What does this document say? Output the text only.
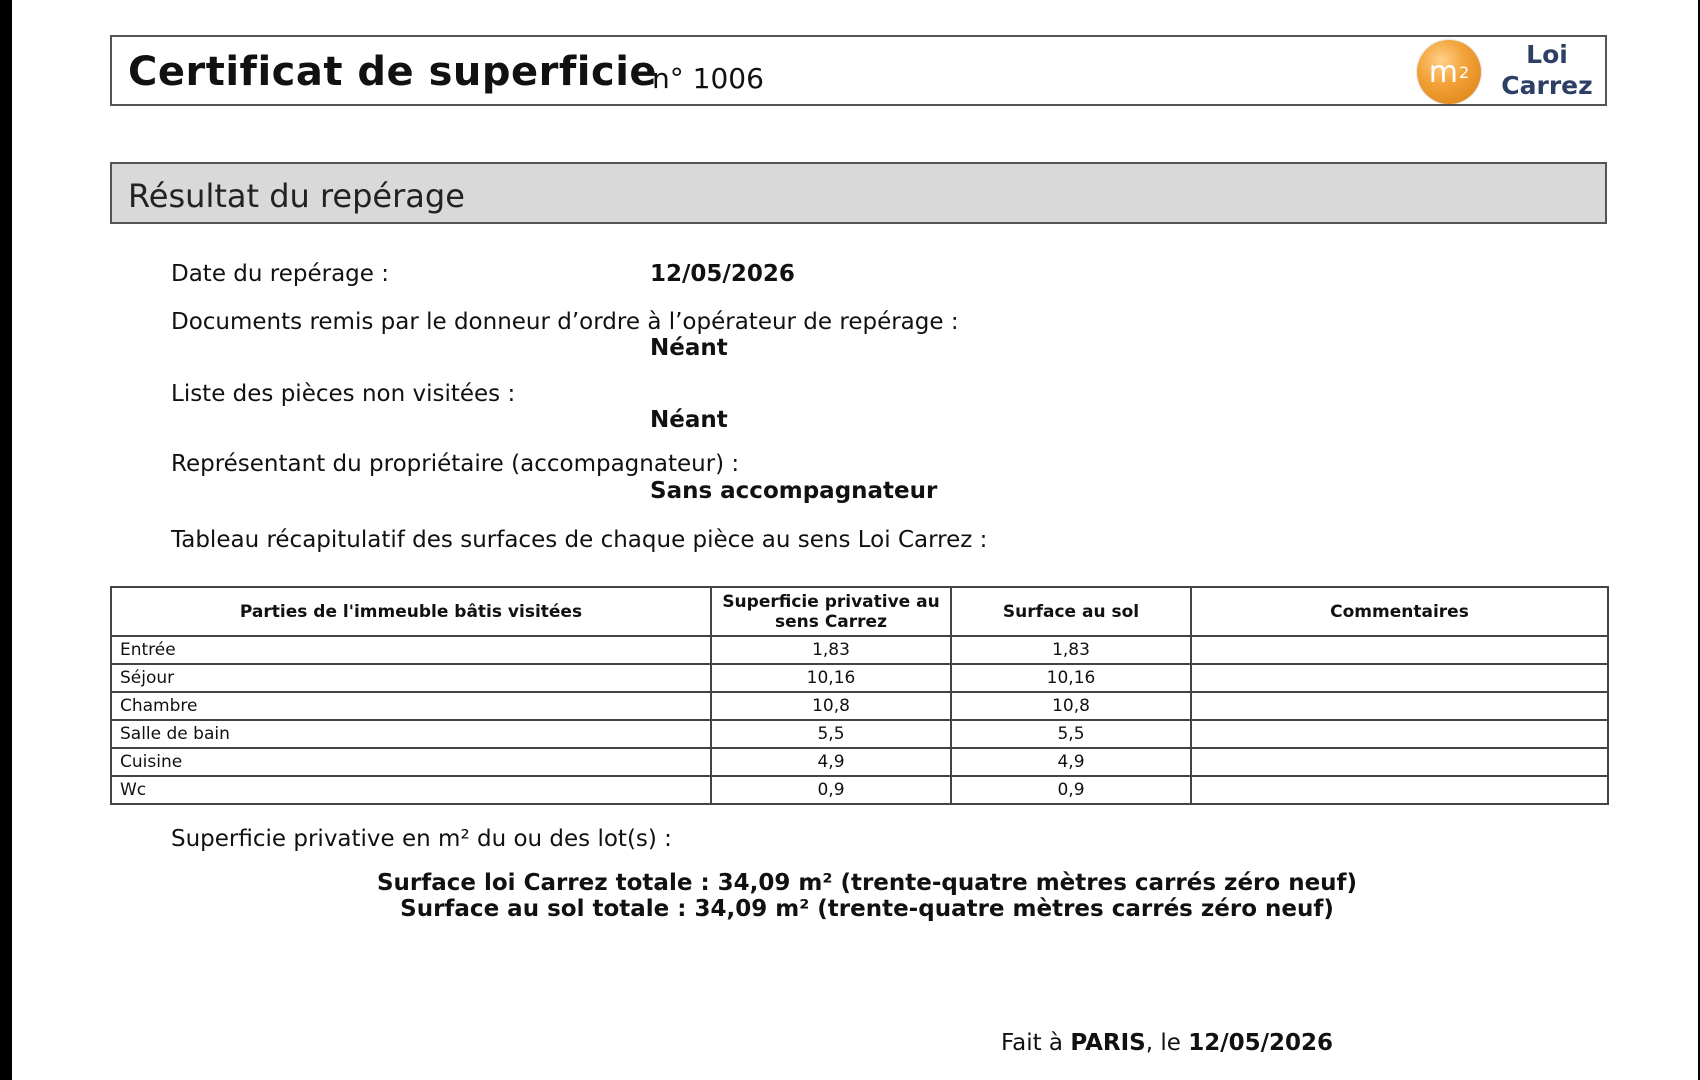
Certificat de superficie
n° 1006	m 2
Loi
Carrez
Résultat du repérage
Date du repérage :	12/05/2026
Documents remis par le donneur d’ordre à l’opérateur de repérage :
Néant
Liste des pièces non visitées :
Néant
Représentant du propriétaire (accompagnateur) :
Sans accompagnateur
Tableau récapitulatif des surfaces de chaque pièce au sens Loi Carrez :
Parties de l'immeuble bâtis visitées	Superficie privative au sens Carrez	Surface au sol	Commentaires
Entrée	1,83	1,83	
Séjour	10,16	10,16	
Chambre	10,8	10,8	
Salle de bain	5,5	5,5	
Cuisine	4,9	4,9	
Wc	0,9	0,9	
Superficie privative en m² du ou des lot(s) :
Surface loi Carrez totale : 34,09 m² (trente-quatre mètres carrés zéro neuf)
Surface au sol totale : 34,09 m² (trente-quatre mètres carrés zéro neuf)
Fait à PARIS, le 12/05/2026
